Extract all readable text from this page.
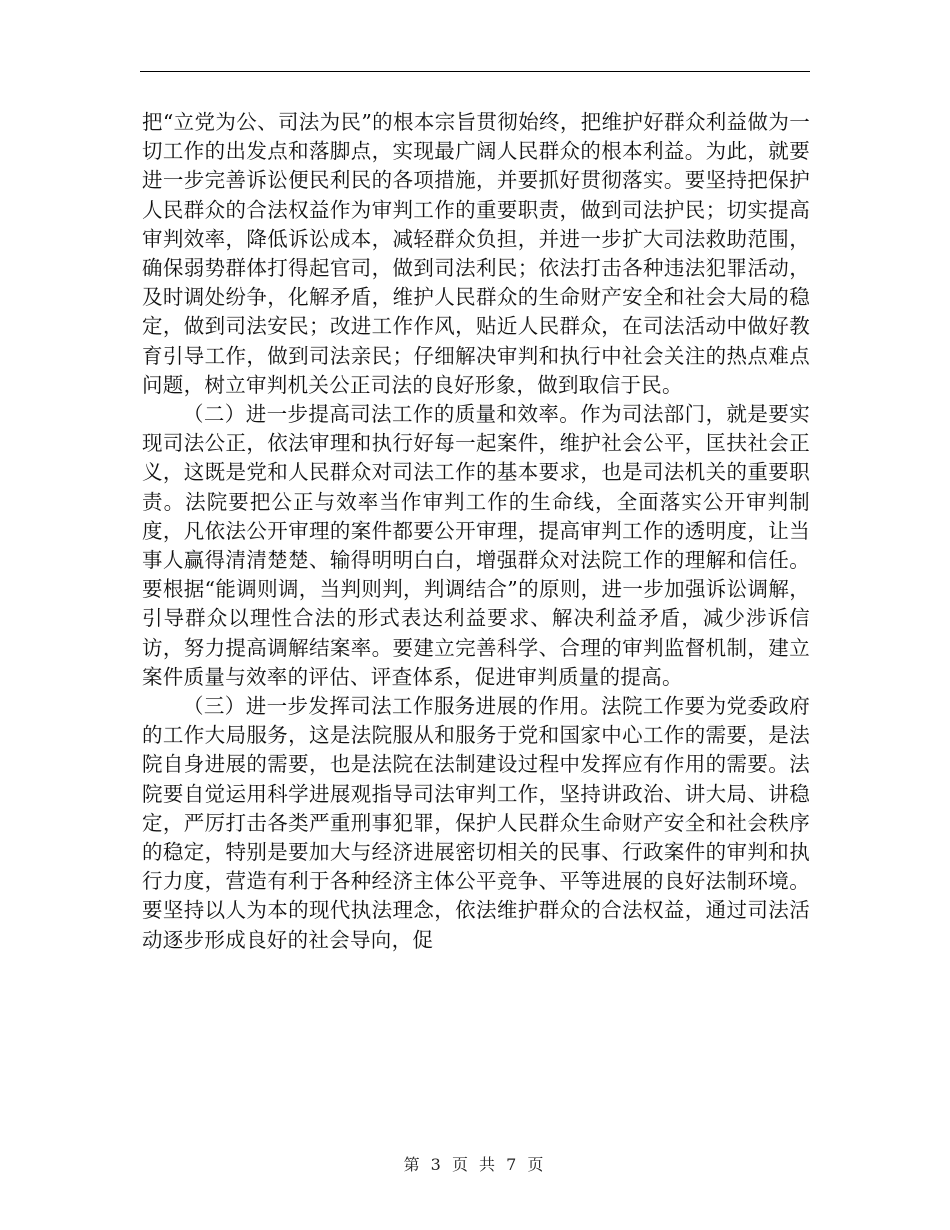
把“立党为公、司法为民”的根本宗旨贯彻始终，把维护好群众利益做为一切工作的出发点和落脚点，实现最广阔人民群众的根本利益。为此，就要进一步完善诉讼便民利民的各项措施，并要抓好贯彻落实。要坚持把保护人民群众的合法权益作为审判工作的重要职责，做到司法护民；切实提高审判效率，降低诉讼成本，减轻群众负担，并进一步扩大司法救助范围，确保弱势群体打得起官司，做到司法利民；依法打击各种违法犯罪活动，及时调处纷争，化解矛盾，维护人民群众的生命财产安全和社会大局的稳定，做到司法安民；改进工作作风，贴近人民群众，在司法活动中做好教育引导工作，做到司法亲民；仔细解决审判和执行中社会关注的热点难点问题，树立审判机关公正司法的良好形象，做到取信于民。

（二）进一步提高司法工作的质量和效率。作为司法部门，就是要实现司法公正，依法审理和执行好每一起案件，维护社会公平，匡扶社会正义，这既是党和人民群众对司法工作的基本要求，也是司法机关的重要职责。法院要把公正与效率当作审判工作的生命线，全面落实公开审判制度，凡依法公开审理的案件都要公开审理，提高审判工作的透明度，让当事人赢得清清楚楚、输得明明白白，增强群众对法院工作的理解和信任。要根据“能调则调，当判则判，判调结合”的原则，进一步加强诉讼调解，引导群众以理性合法的形式表达利益要求、解决利益矛盾，减少涉诉信访，努力提高调解结案率。要建立完善科学、合理的审判监督机制，建立案件质量与效率的评估、评查体系，促进审判质量的提高。

（三）进一步发挥司法工作服务进展的作用。法院工作要为党委政府的工作大局服务，这是法院服从和服务于党和国家中心工作的需要，是法院自身进展的需要，也是法院在法制建设过程中发挥应有作用的需要。法院要自觉运用科学进展观指导司法审判工作，坚持讲政治、讲大局、讲稳定，严厉打击各类严重刑事犯罪，保护人民群众生命财产安全和社会秩序的稳定，特别是要加大与经济进展密切相关的民事、行政案件的审判和执行力度，营造有利于各种经济主体公平竞争、平等进展的良好法制环境。要坚持以人为本的现代执法理念，依法维护群众的合法权益，通过司法活动逐步形成良好的社会导向，促

第 3 页 共 7 页
